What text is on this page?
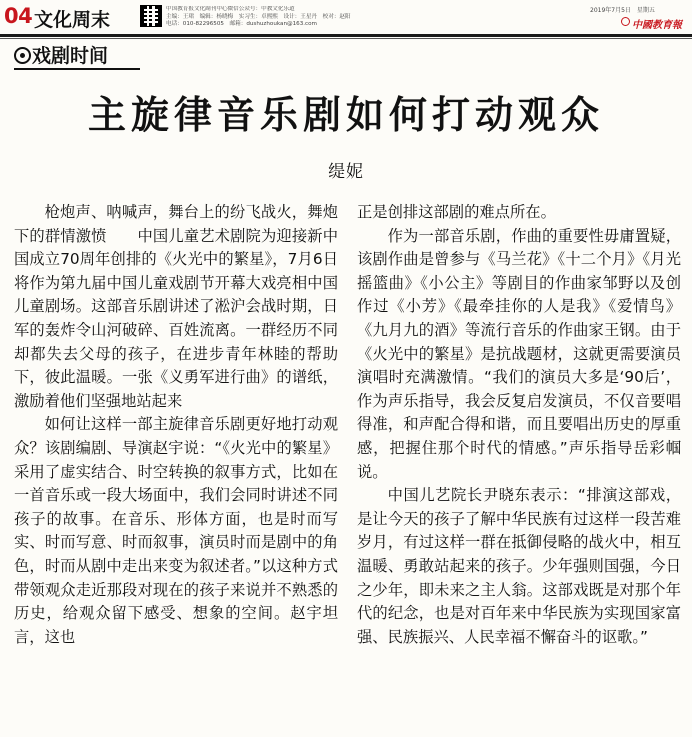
04 文化周末	中国教育报文化副刊中心微信公众号：中教文化乐道
主编：王珺　编辑：杨晓梅　实习生：卓熙熙　设计：王星丹　校对：赵阳
电话：010-82296505　邮箱：dushuzhoukan@163.com
2019年7月5日　星期五
中國教育報
戏剧时间
主旋律音乐剧如何打动观众
缇妮

枪炮声、呐喊声，舞台上的纷飞战火，舞炮下的群情激愤　　中国儿童艺术剧院为迎接新中国成立70周年创排的《火光中的繁星》，7月6日将作为第九届中国儿童戏剧节开幕大戏亮相中国儿童剧场。这部音乐剧讲述了淞沪会战时期，日军的轰炸令山河破碎、百姓流离。一群经历不同却都失去父母的孩子，在进步青年林睦的帮助下，彼此温暖。一张《义勇军进行曲》的谱纸，激励着他们坚强地站起来

如何让这样一部主旋律音乐剧更好地打动观众？该剧编剧、导演赵宇说：“《火光中的繁星》采用了虚实结合、时空转换的叙事方式，比如在一首音乐或一段大场面中，我们会同时讲述不同孩子的故事。在音乐、形体方面，也是时而写实、时而写意、时而叙事，演员时而是剧中的角色，时而从剧中走出来变为叙述者。”以这种方式带领观众走近那段对现在的孩子来说并不熟悉的历史，给观众留下感受、想象的空间。赵宇坦言，这也

正是创排这部剧的难点所在。

作为一部音乐剧，作曲的重要性毋庸置疑，该剧作曲是曾参与《马兰花》《十二个月》《月光摇篮曲》《小公主》等剧目的作曲家邹野以及创作过《小芳》《最牵挂你的人是我》《爱情鸟》《九月九的酒》等流行音乐的作曲家王钢。由于《火光中的繁星》是抗战题材，这就更需要演员演唱时充满激情。“我们的演员大多是‘90后’，作为声乐指导，我会反复启发演员，不仅音要唱得准，和声配合得和谐，而且要唱出历史的厚重感，把握住那个时代的情感。”声乐指导岳彩帼说。

中国儿艺院长尹晓东表示：“排演这部戏，是让今天的孩子了解中华民族有过这样一段苦难岁月，有过这样一群在抵御侵略的战火中，相互温暖、勇敢站起来的孩子。少年强则国强，今日之少年，即未来之主人翁。这部戏既是对那个年代的纪念，也是对百年来中华民族为实现国家富强、民族振兴、人民幸福不懈奋斗的讴歌。”
